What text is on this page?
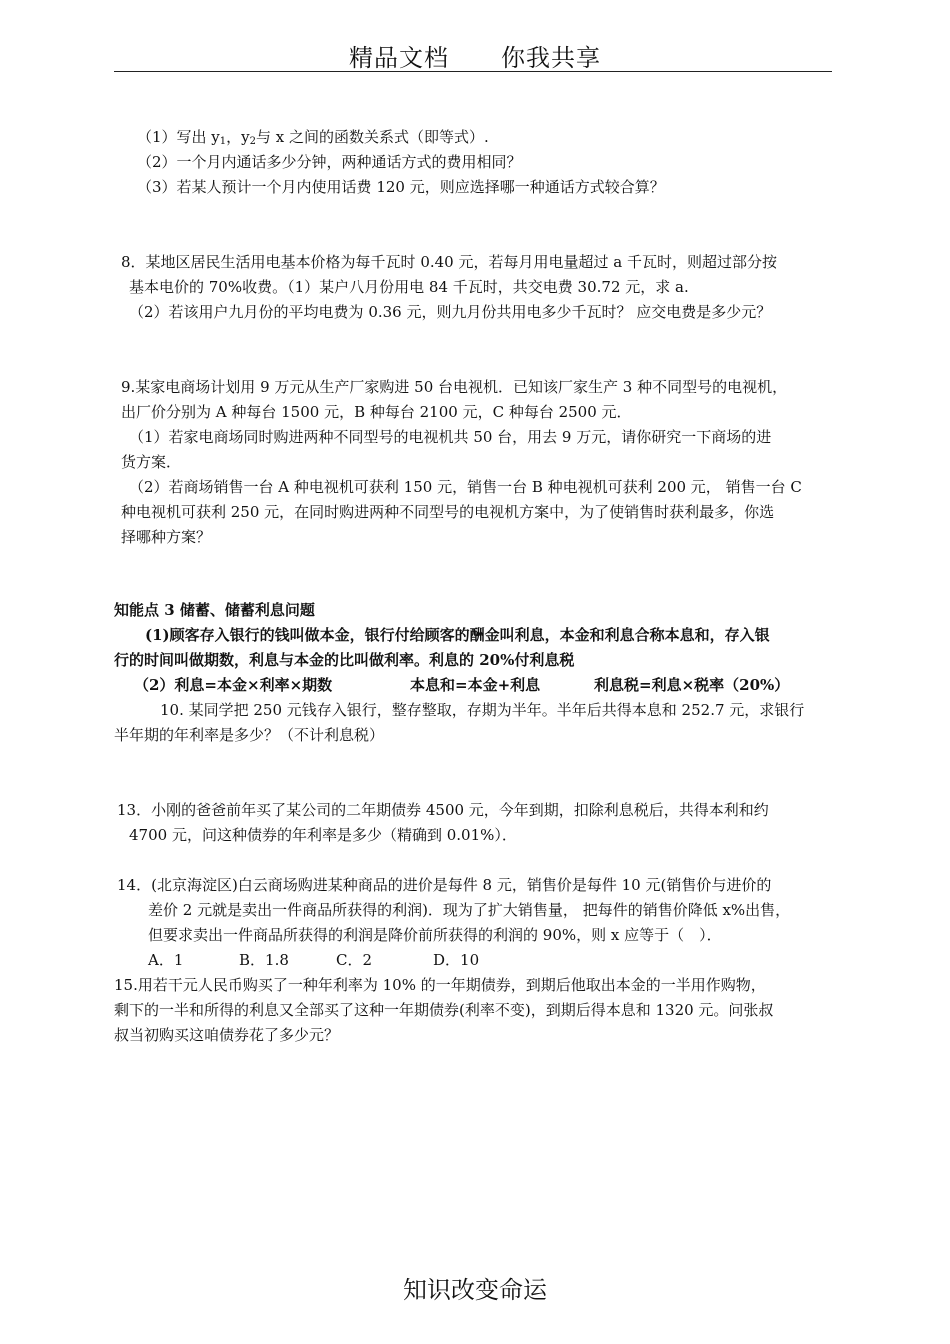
精品文档 你我共享
（1）写出 $y_1$，$y_2$与 x 之间的函数关系式（即等式）.
（2）一个月内通话多少分钟，两种通话方式的费用相同？
（3）若某人预计一个月内使用话费 120 元，则应选择哪一种通话方式较合算？
8．某地区居民生活用电基本价格为每千瓦时 0.40 元，若每月用电量超过 a 千瓦时，则超过部分按
基本电价的 70%收费。（1）某户八月份用电 84 千瓦时，共交电费 30.72 元，求 a.
（2）若该用户九月份的平均电费为 0.36 元，则九月份共用电多少千瓦时？ 应交电费是多少元？
9.某家电商场计划用 9 万元从生产厂家购进 50 台电视机．已知该厂家生产 3 种不同型号的电视机，
出厂价分别为 A 种每台 1500 元，B 种每台 2100 元，C 种每台 2500 元．
（1）若家电商场同时购进两种不同型号的电视机共 50 台，用去 9 万元，请你研究一下商场的进
货方案．
（2）若商场销售一台 A 种电视机可获利 150 元，销售一台 B 种电视机可获利 200 元， 销售一台 C
种电视机可获利 250 元，在同时购进两种不同型号的电视机方案中，为了使销售时获利最多，你选
择哪种方案？
知能点 3 储蓄、储蓄利息问题
(1)顾客存入银行的钱叫做本金，银行付给顾客的酬金叫利息，本金和利息合称本息和，存入银
行的时间叫做期数，利息与本金的比叫做利率。利息的 20%付利息税
（2）利息=本金×利率×期数	本息和=本金+利息	利息税=利息×税率（20%）
10. 某同学把 250 元钱存入银行，整存整取，存期为半年。半年后共得本息和 252.7 元，求银行
半年期的年利率是多少？（不计利息税）
13．小刚的爸爸前年买了某公司的二年期债券 4500 元，今年到期，扣除利息税后，共得本利和约
4700 元，问这种债券的年利率是多少（精确到 0.01%）．
14．(北京海淀区)白云商场购进某种商品的进价是每件 8 元，销售价是每件 10 元(销售价与进价的
差价 2 元就是卖出一件商品所获得的利润)．现为了扩大销售量， 把每件的销售价降低 x%出售，
但要求卖出一件商品所获得的利润是降价前所获得的利润的 90%，则 x 应等于（　）．
A．1	B．1.8	C．2	D．10
15.用若干元人民币购买了一种年利率为 10% 的一年期债券，到期后他取出本金的一半用作购物，
剩下的一半和所得的利息又全部买了这种一年期债券(利率不变)，到期后得本息和 1320 元。问张叔
叔当初购买这咱债券花了多少元？
知识改变命运
